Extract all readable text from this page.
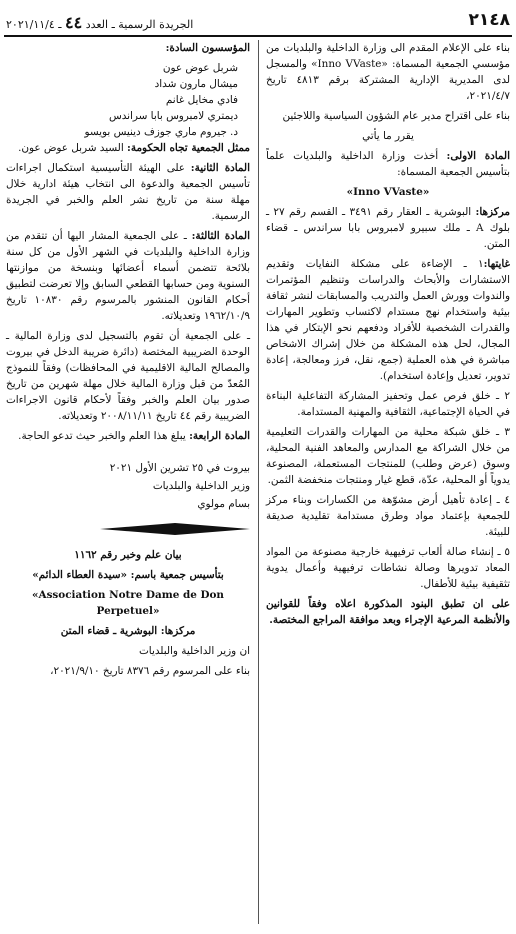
٢١٤٨
الجريدة الرسمية ـ العدد ٤٤ ـ ٢٠٢١/١١/٤

بناء على الإعلام المقدم الى وزارة الداخلية والبلديات من مؤسسي الجمعية المسماة: «Inno VVaste» والمسجل لدى المديرية الإدارية المشتركة برقم ٤٨١٣ تاريخ ٢٠٢١/٤/٧،

بناء على اقتراح مدير عام الشؤون السياسية واللاجئين

يقرر ما يأتي

المادة الاولى: أخذت وزارة الداخلية والبلديات علماً بتأسيس الجمعية المسماة:

«Inno VVaste»

مركزها: البوشرية ـ العقار رقم ٣٤٩١ ـ القسم رقم ٢٧ ـ بلوك A ـ ملك سبيرو لامبروس بابا سراندس ـ قضاء المتن.

غايتها:١ ـ الإضاءة على مشكلة النفايات وتقديم الاستشارات والأبحاث والدراسات وتنظيم المؤتمرات والندوات وورش العمل والتدريب والمسابقات لنشر ثقافة بيئية واستخدام نهج مستدام لاكتساب وتطوير المهارات والقدرات الشخصية للأفراد ودفعهم نحو الإبتكار في هذا المجال، لحل هذه المشكلة من خلال إشراك الاشخاص مباشرة في هذه العملية (جمع، نقل، فرز ومعالجة، إعادة تدوير، تعديل وإعادة استخدام).

٢ ـ خلق فرص عمل وتحفيز المشاركة التفاعلية البناءة في الحياة الإجتماعية، الثقافية والمهنية المستدامة.

٣ ـ خلق شبكة محلية من المهارات والقدرات التعليمية من خلال الشراكة مع المدارس والمعاهد الفنية المحلية، وسوق (عرض وطلب) للمنتجات المستعملة، المصنوعة يدوياً أو المحلية، عدّة، قطع غيار ومنتجات منخفضة الثمن.

٤ ـ إعادة تأهيل أرض مشوّهة من الكسارات وبناء مركز للجمعية بإعتماد مواد وطرق مستدامة تقليدية صديقة للبيئة.

٥ ـ إنشاء صالة ألعاب ترفيهية خارجية مصنوعة من المواد المعاد تدويرها وصالة نشاطات ترفيهية وأعمال يدوية تثقيفية بيئية للأطفال.

على ان تطبق البنود المذكورة اعلاه وفقاً للقوانين والأنظمة المرعية الإجراء وبعد موافقة المراجع المختصة.

المؤسسون السادة:

شربل عوض عون

ميشال مارون شداد

فادي مخايل غانم

ديمتري لامبروس بابا سراندس

د. جيروم ماري جوزف دينيس بويسو

ممثل الجمعية تجاه الحكومة: السيد شربل عوض عون.

المادة الثانية: على الهيئة التأسيسية استكمال اجراءات تأسيس الجمعية والدعوة الى انتخاب هيئة ادارية خلال مهلة سنة من تاريخ نشر العلم والخبر في الجريدة الرسمية.

المادة الثالثة: ـ على الجمعية المشار اليها أن تتقدم من وزارة الداخلية والبلديات في الشهر الأول من كل سنة بلائحة تتضمن أسماء أعضائها وبنسخة من موازنتها السنوية ومن حسابها القطعي السابق وإلا تعرضت لتطبيق أحكام القانون المنشور بالمرسوم رقم ١٠٨٣٠ تاريخ ١٩٦٢/١٠/٩ وتعديلاته.

ـ على الجمعية أن تقوم بالتسجيل لدى وزارة المالية ـ الوحدة الضريبية المختصة (دائرة ضريبة الدخل في بيروت والمصالح المالية الاقليمية في المحافظات) وفقاً للنموذج المُعدّ من قبل وزارة المالية خلال مهلة شهرين من تاريخ صدور بيان العلم والخبر وفقاً لأحكام قانون الاجراءات الضريبية رقم ٤٤ تاريخ ٢٠٠٨/١١/١١ وتعديلاته.

المادة الرابعة: يبلغ هذا العلم والخبر حيث تدعو الحاجة.

بيروت في ٢٥ تشرين الأول ٢٠٢١

وزير الداخلية والبلديات

بسام مولوي

بيان علم وخبر رقم ١١٦٢

بتأسيس جمعية باسم: «سيدة العطاء الدائم»

«Association Notre Dame de Don Perpetuel»

مركزها: البوشرية ـ قضاء المتن

ان وزير الداخلية والبلديات

بناء على المرسوم رقم ٨٣٧٦ تاريخ ٢٠٢١/٩/١٠،
